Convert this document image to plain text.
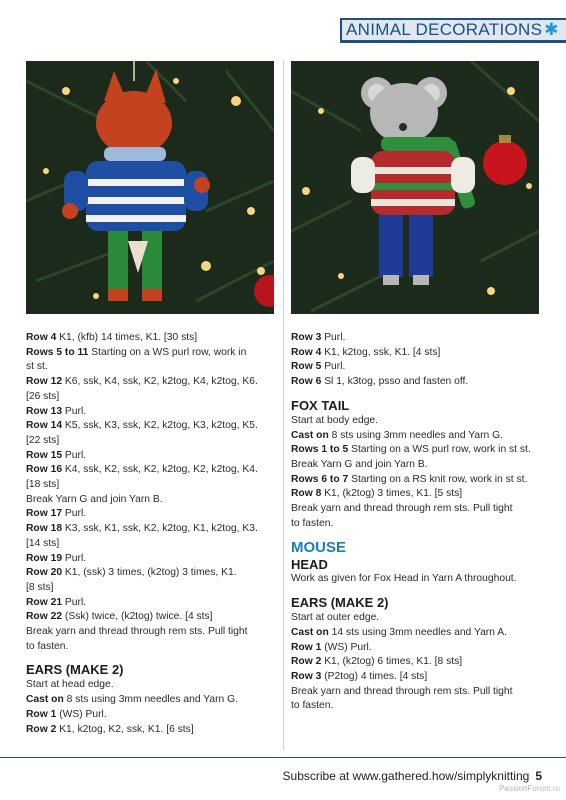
ANIMAL DECORATIONS ✱
Row 4 K1, (kfb) 14 times, K1. [30 sts]
Rows 5 to 11 Starting on a WS purl row, work in
st st.
Row 12 K6, ssk, K4, ssk, K2, k2tog, K4, k2tog, K6.
[26 sts]
Row 13 Purl.
Row 14 K5, ssk, K3, ssk, K2, k2tog, K3, k2tog, K5.
[22 sts]
Row 15 Purl.
Row 16 K4, ssk, K2, ssk, K2, k2tog, K2, k2tog, K4.
[18 sts]
Break Yarn G and join Yarn B.
Row 17 Purl.
Row 18 K3, ssk, K1, ssk, K2, k2tog, K1, k2tog, K3.
[14 sts]
Row 19 Purl.
Row 20 K1, (ssk) 3 times, (k2tog) 3 times, K1.
[8 sts]
Row 21 Purl.
Row 22 (Ssk) twice, (k2tog) twice. [4 sts]
Break yarn and thread through rem sts. Pull tight
to fasten.
EARS (MAKE 2)
Start at head edge.
Cast on 8 sts using 3mm needles and Yarn G.
Row 1 (WS) Purl.
Row 2 K1, k2tog, K2, ssk, K1. [6 sts]
Row 3 Purl.
Row 4 K1, k2tog, ssk, K1. [4 sts]
Row 5 Purl.
Row 6 Sl 1, k3tog, psso and fasten off.
FOX TAIL
Start at body edge.
Cast on 8 sts using 3mm needles and Yarn G.
Rows 1 to 5 Starting on a WS purl row, work in st st.
Break Yarn G and join Yarn B.
Rows 6 to 7 Starting on a RS knit row, work in st st.
Row 8 K1, (k2tog) 3 times, K1. [5 sts]
Break yarn and thread through rem sts. Pull tight
to fasten.
MOUSE
HEAD
Work as given for Fox Head in Yarn A throughout.
EARS (MAKE 2)
Start at outer edge.
Cast on 14 sts using 3mm needles and Yarn A.
Row 1 (WS) Purl.
Row 2 K1, (k2tog) 6 times, K1. [8 sts]
Row 3 (P2tog) 4 times. [4 sts]
Break yarn and thread through rem sts. Pull tight
to fasten.
Subscribe at www.gathered.how/simplyknitting 5
PassionForum.ru
